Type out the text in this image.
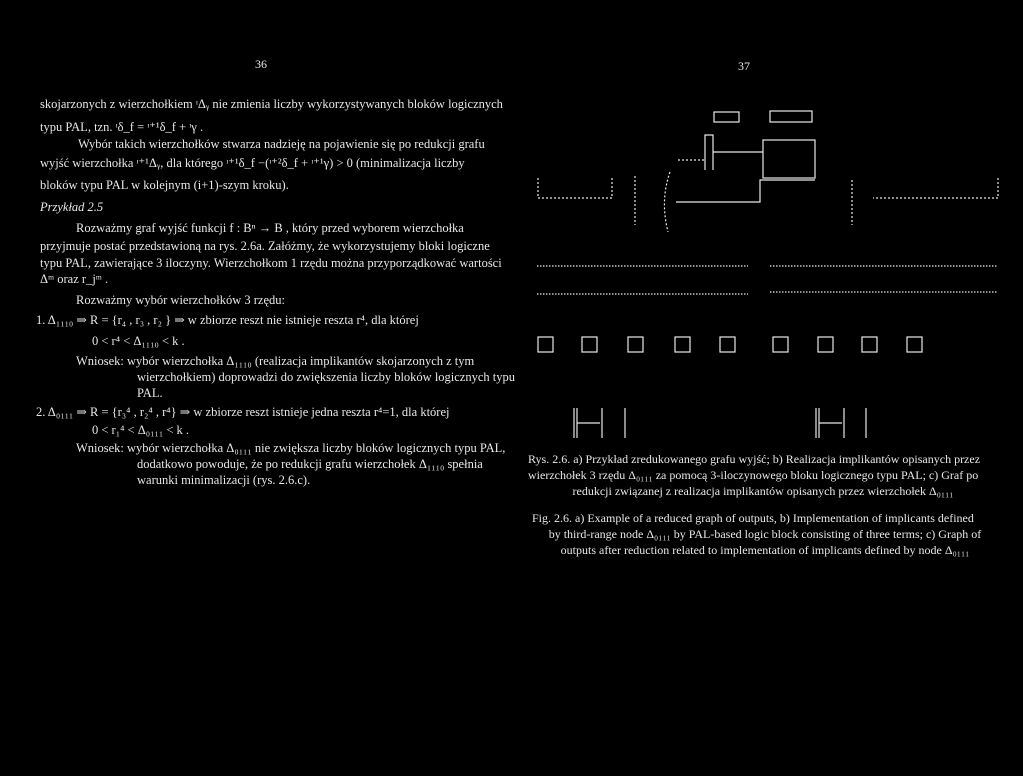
36	37
skojarzonych z wierzchołkiem ᶦΔᵧ nie zmienia liczby wykorzystywanych bloków logicznych
typu PAL, tzn. ᶦδ_f = ᶦ⁺¹δ_f + ᶦγ .
Wybór takich wierzchołków stwarza nadzieję na pojawienie się po redukcji grafu
wyjść wierzchołka ᶦ⁺¹Δᵧ, dla którego ᶦ⁺¹δ_f −(ᶦ⁺²δ_f + ᶦ⁺¹γ) > 0 (minimalizacja liczby
bloków typu PAL w kolejnym (i+1)-szym kroku).
Przykład 2.5
Rozważmy graf wyjść funkcji f : Bⁿ → B , który przed wyborem wierzchołka
przyjmuje postać przedstawioną na rys. 2.6a. Załóżmy, że wykorzystujemy bloki logiczne
typu PAL, zawierające 3 iloczyny. Wierzchołkom 1 rzędu można przyporządkować wartości
Δᵐ oraz r_jᵐ .
Rozważmy wybór wierzchołków 3 rzędu:
1. Δ₁₁₁₀ ⇒ R = {r₄ , r₃ , r₂ } ⇒ w zbiorze reszt nie istnieje reszta r⁴, dla której
0 < r⁴ < Δ₁₁₁₀ < k .
Wniosek: wybór wierzchołka Δ₁₁₁₀ (realizacja implikantów skojarzonych z tym
wierzchołkiem) doprowadzi do zwiększenia liczby bloków logicznych typu
PAL.
2. Δ₀₁₁₁ ⇒ R = {r₃⁴ , r₂⁴ , r⁴} ⇒ w zbiorze reszt istnieje jedna reszta r⁴=1, dla której
0 < r₁⁴ < Δ₀₁₁₁ < k .
Wniosek: wybór wierzchołka Δ₀₁₁₁ nie zwiększa liczby bloków logicznych typu PAL,
dodatkowo powoduje, że po redukcji grafu wierzchołek Δ₁₁₁₀ spełnia
warunki minimalizacji (rys. 2.6.c).
Rys. 2.6. a) Przykład zredukowanego grafu wyjść; b) Realizacja implikantów opisanych przez
wierzchołek 3 rzędu Δ₀₁₁₁ za pomocą 3-iloczynowego bloku logicznego typu PAL; c) Graf po
redukcji związanej z realizacja implikantów opisanych przez wierzchołek Δ₀₁₁₁
Fig. 2.6. a) Example of a reduced graph of outputs, b) Implementation of implicants defined
by third-range node Δ₀₁₁₁ by PAL-based logic block consisting of three terms; c) Graph of
outputs after reduction related to implementation of implicants defined by node Δ₀₁₁₁
